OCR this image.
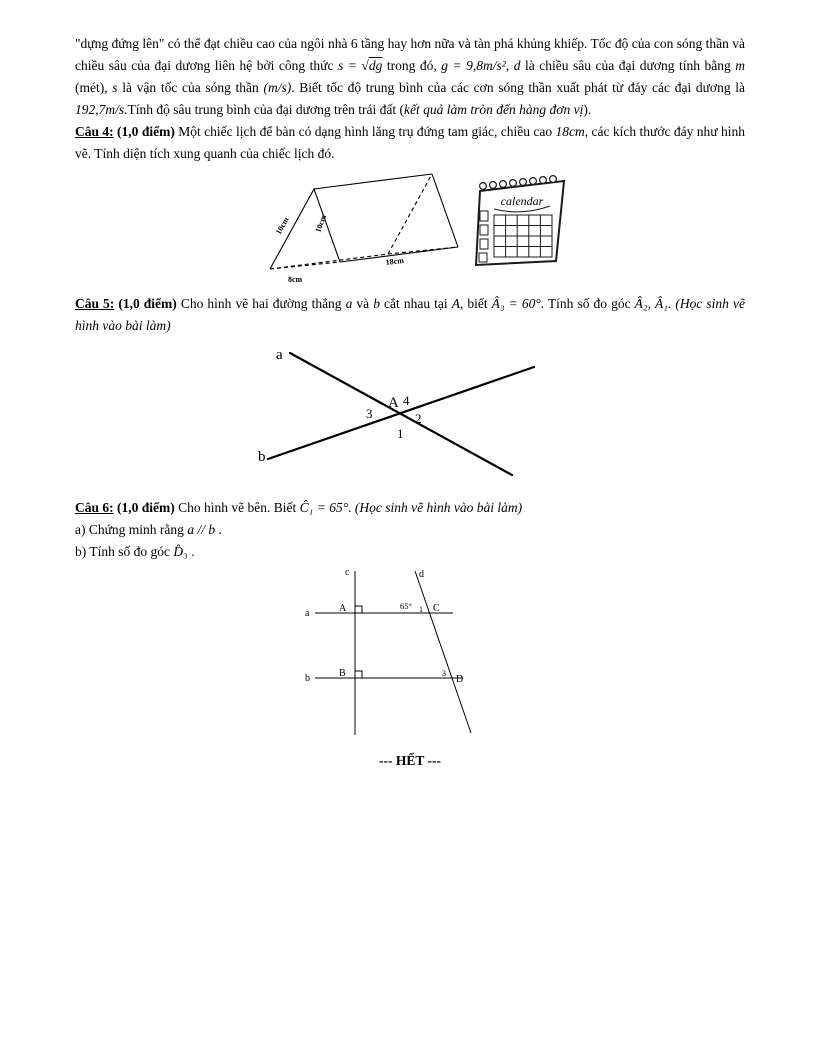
"dựng đứng lên" có thể đạt chiều cao của ngôi nhà 6 tầng hay hơn nữa và tàn phá khủng khiếp. Tốc độ của con sóng thần và chiều sâu của đại dương liên hệ bởi công thức s = √dg trong đó, g = 9,8m/s², d là chiều sâu của đại dương tính bằng m (mét), s là vận tốc của sóng thần (m/s). Biết tốc độ trung bình của các cơn sóng thần xuất phát từ đáy các đại dương là 192,7m/s.Tính độ sâu trung bình của đại dương trên trái đất (kết quả làm tròn đến hàng đơn vị).

Câu 4: (1,0 điểm) Một chiếc lịch để bàn có dạng hình lăng trụ đứng tam giác, chiều cao 18cm, các kích thước đáy như hình vẽ. Tính diện tích xung quanh của chiếc lịch đó.

10cm	10cm
18cm
8cm
calendar

Câu 5: (1,0 điểm) Cho hình vẽ hai đường thẳng a và b cắt nhau tại A, biết Â₃ = 60°. Tính số đo góc Â₂, Â₁. (Học sinh vẽ hình vào bài làm)

a
b
A 4
3	2
1

Câu 6: (1,0 điểm) Cho hình vẽ bên. Biết Ĉ₁ = 65°. (Học sinh vẽ hình vào bài làm)

a) Chứng minh rằng a // b .

b) Tính số đo góc D̂₃ .

c	d
a	A
b	B
65° 1 C
3
D

--- HẾT ---
